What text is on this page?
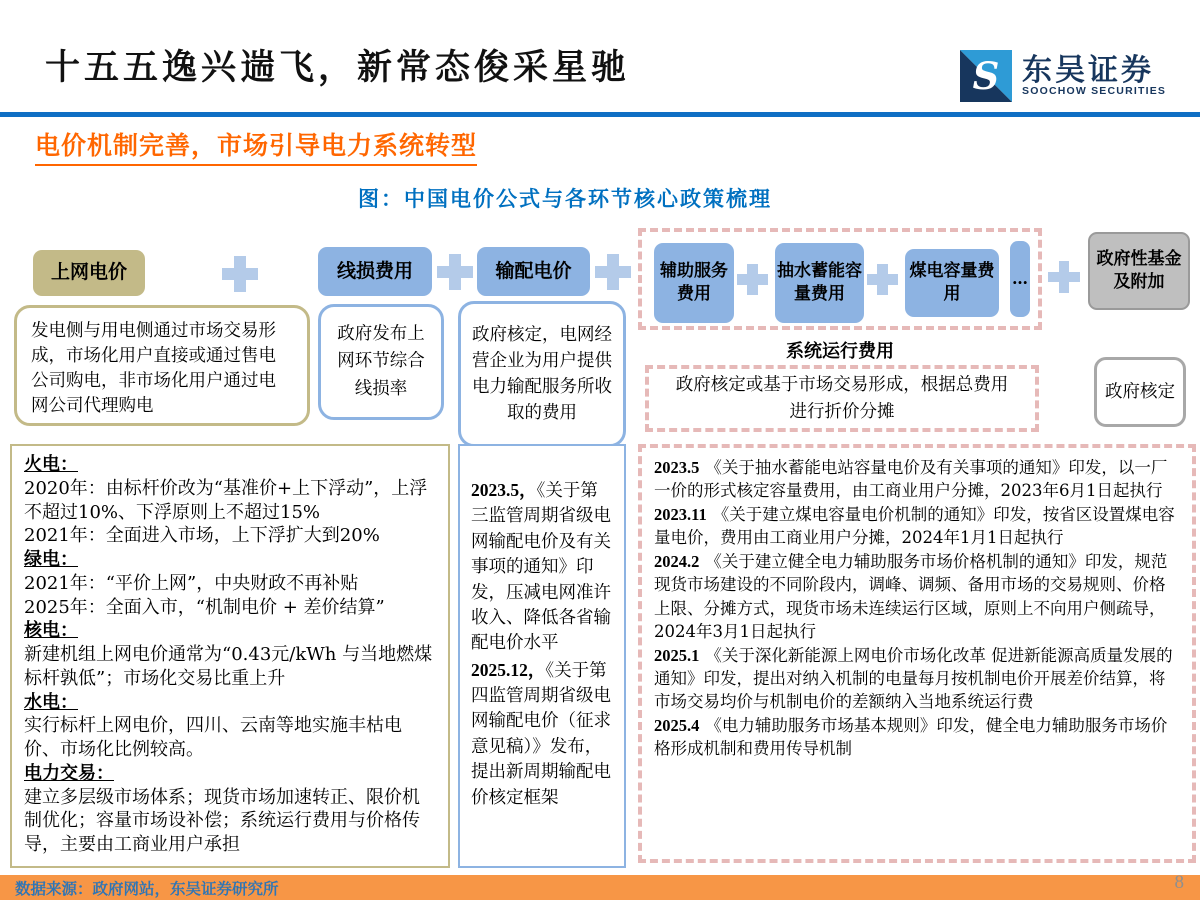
十五五逸兴遄飞，新常态俊采星驰	S 东吴证券
SOOCHOW SECURITIES
电价机制完善，市场引导电力系统转型
图：中国电价公式与各环节核心政策梳理
上网电价	线损费用	输配电价	辅助服务费用
抽水蓄能容量费用
煤电容量费用
…
政府性基金及附加
发电侧与用电侧通过市场交易形成，市场化用户直接或通过售电公司购电，非市场化用户通过电网公司代理购电
政府发布上网环节综合线损率
政府核定，电网经营企业为用户提供电力输配服务所收取的费用
系统运行费用
政府核定或基于市场交易形成，根据总费用进行折价分摊
政府核定
火电：
2020年：由标杆价改为“基准价+上下浮动”，上浮不超过10%、下浮原则上不超过15%
2021年：全面进入市场，上下浮扩大到20%
绿电：
2021年：“平价上网”，中央财政不再补贴
2025年：全面入市，“机制电价 + 差价结算”
核电：
新建机组上网电价通常为“0.43元/kWh 与当地燃煤标杆孰低”；市场化交易比重上升
水电：
实行标杆上网电价，四川、云南等地实施丰枯电价、市场化比例较高。
电力交易：
建立多层级市场体系；现货市场加速转正、限价机制优化；容量市场设补偿；系统运行费用与价格传导，主要由工商业用户承担

2023.5，《关于第三监管周期省级电网输配电价及有关事项的通知》印发，压减电网准许收入、降低各省输配电价水平

2025.12，《关于第四监管周期省级电网输配电价（征求意见稿）》发布，提出新周期输配电价核定框架

2023.5 《关于抽水蓄能电站容量电价及有关事项的通知》印发，以一厂一价的形式核定容量费用，由工商业用户分摊，2023年6月1日起执行

2023.11 《关于建立煤电容量电价机制的通知》印发，按省区设置煤电容量电价，费用由工商业用户分摊，2024年1月1日起执行

2024.2 《关于建立健全电力辅助服务市场价格机制的通知》印发，规范现货市场建设的不同阶段内，调峰、调频、备用市场的交易规则、价格上限、分摊方式，现货市场未连续运行区域，原则上不向用户侧疏导，2024年3月1日起执行

2025.1 《关于深化新能源上网电价市场化改革 促进新能源高质量发展的通知》印发，提出对纳入机制的电量每月按机制电价开展差价结算，将市场交易均价与机制电价的差额纳入当地系统运行费

2025.4 《电力辅助服务市场基本规则》印发，健全电力辅助服务市场价格形成机制和费用传导机制

数据来源：政府网站，东吴证券研究所	8
